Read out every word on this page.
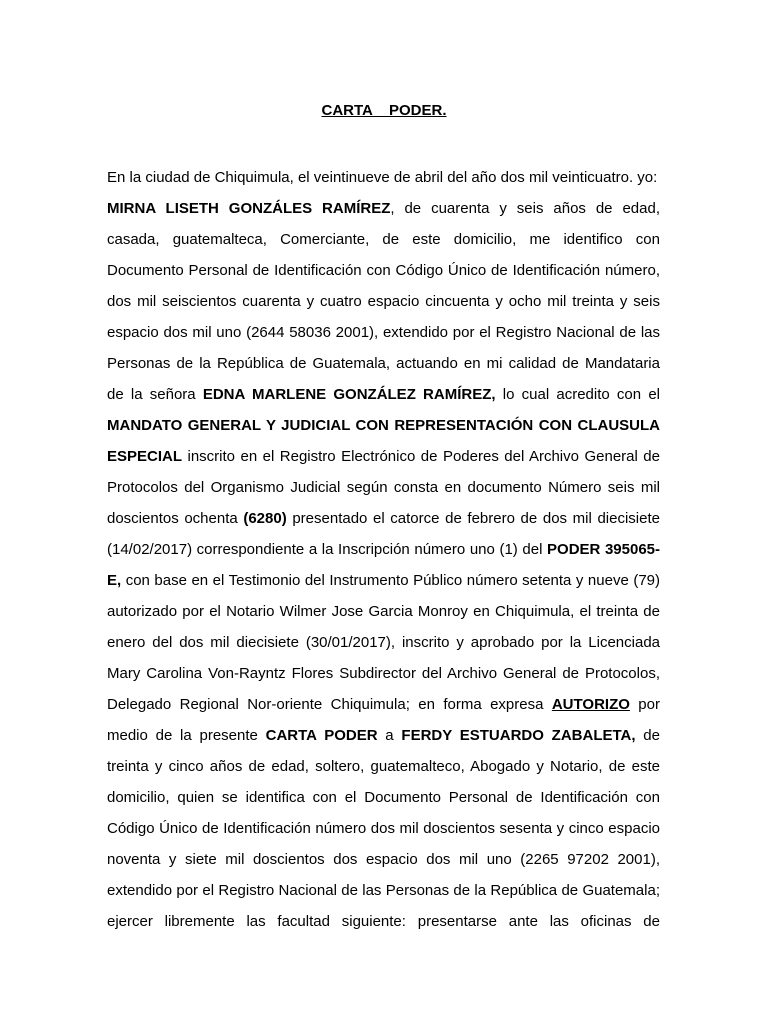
CARTA    PODER.
En la ciudad de Chiquimula, el veintinueve de abril del año dos mil veinticuatro. yo:
MIRNA LISETH GONZÁLES RAMÍREZ, de cuarenta y seis años de edad,
casada, guatemalteca, Comerciante, de este domicilio, me identifico con
Documento Personal de Identificación con Código Único de Identificación número,
dos mil seiscientos cuarenta y cuatro espacio cincuenta y ocho mil treinta y seis
espacio dos mil uno (2644 58036 2001), extendido por el Registro Nacional de las
Personas de la República de Guatemala, actuando en mi calidad de Mandataria
de la señora EDNA MARLENE GONZÁLEZ RAMÍREZ, lo cual acredito con el
MANDATO GENERAL Y JUDICIAL CON REPRESENTACIÓN CON CLAUSULA
ESPECIAL inscrito en el Registro Electrónico de Poderes del Archivo General de
Protocolos del Organismo Judicial según consta en documento Número seis mil
doscientos ochenta (6280) presentado el catorce de febrero de dos mil diecisiete
(14/02/2017) correspondiente a la Inscripción número uno (1) del PODER 395065-
E, con base en el Testimonio del Instrumento Público número setenta y nueve (79)
autorizado por el Notario Wilmer Jose Garcia Monroy en Chiquimula, el treinta de
enero del dos mil diecisiete (30/01/2017), inscrito y aprobado por la Licenciada
Mary Carolina Von-Rayntz Flores Subdirector del Archivo General de Protocolos,
Delegado Regional Nor-oriente Chiquimula; en forma expresa AUTORIZO por
medio de la presente CARTA PODER a FERDY ESTUARDO ZABALETA, de
treinta y cinco años de edad, soltero, guatemalteco, Abogado y Notario, de este
domicilio, quien se identifica con el Documento Personal de Identificación con
Código Único de Identificación número dos mil doscientos sesenta y cinco espacio
noventa y siete mil doscientos dos espacio dos mil uno (2265 97202 2001),
extendido por el Registro Nacional de las Personas de la República de Guatemala;
ejercer libremente las facultad siguiente: presentarse ante las oficinas de
